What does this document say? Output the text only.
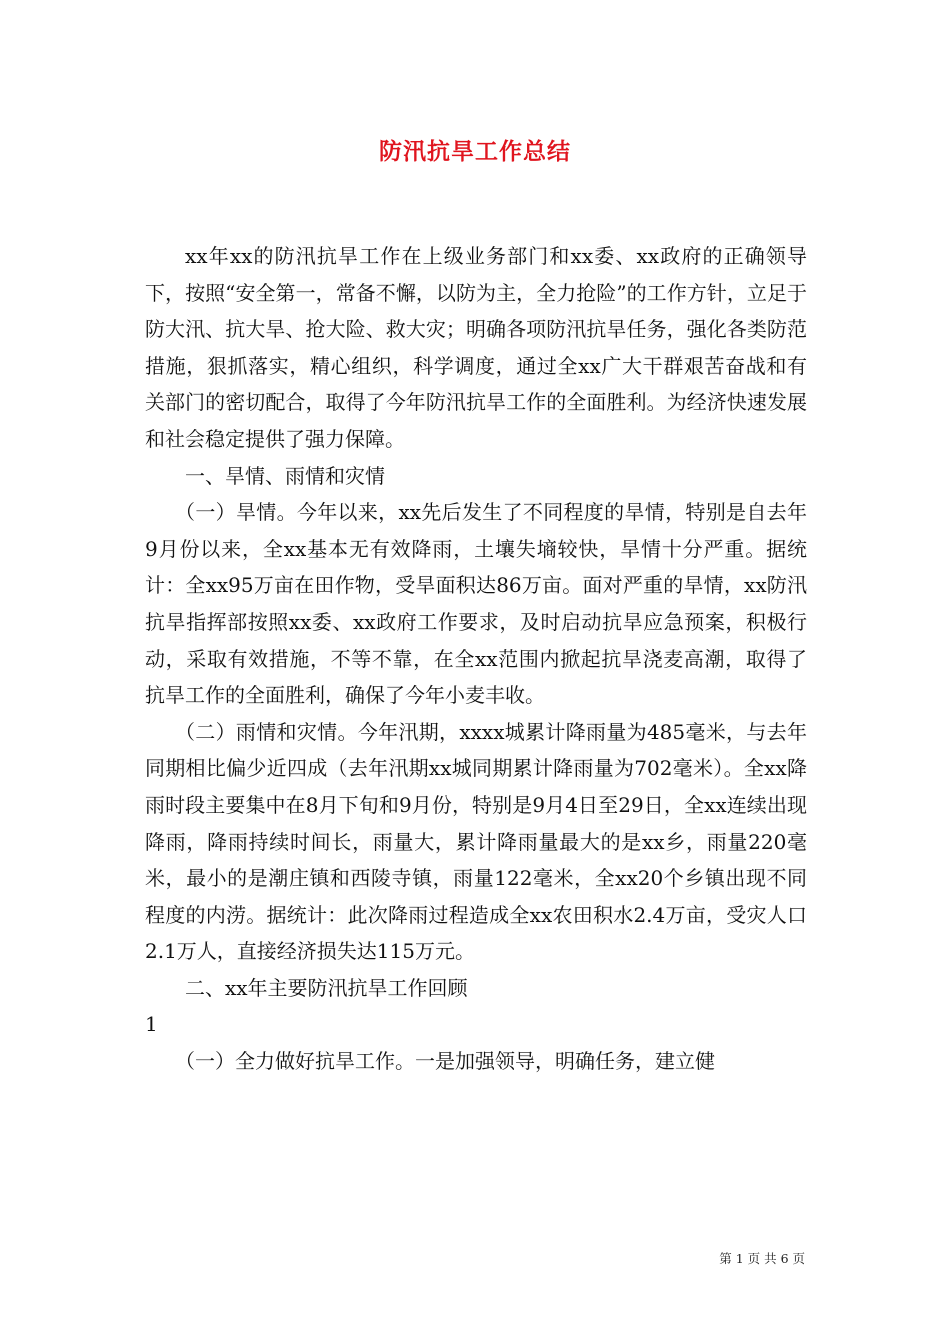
防汛抗旱工作总结

xx年xx的防汛抗旱工作在上级业务部门和xx委、xx政府的正确领导下，按照“安全第一，常备不懈，以防为主，全力抢险”的工作方针，立足于防大汛、抗大旱、抢大险、救大灾；明确各项防汛抗旱任务，强化各类防范措施，狠抓落实，精心组织，科学调度，通过全xx广大干群艰苦奋战和有关部门的密切配合，取得了今年防汛抗旱工作的全面胜利。为经济快速发展和社会稳定提供了强力保障。

一、旱情、雨情和灾情

（一）旱情。今年以来，xx先后发生了不同程度的旱情，特别是自去年9月份以来，全xx基本无有效降雨，土壤失墒较快，旱情十分严重。据统计：全xx95万亩在田作物，受旱面积达86万亩。面对严重的旱情，xx防汛抗旱指挥部按照xx委、xx政府工作要求，及时启动抗旱应急预案，积极行动，采取有效措施，不等不靠，在全xx范围内掀起抗旱浇麦高潮，取得了抗旱工作的全面胜利，确保了今年小麦丰收。

（二）雨情和灾情。今年汛期，xxxx城累计降雨量为485毫米，与去年同期相比偏少近四成（去年汛期xx城同期累计降雨量为702毫米）。全xx降雨时段主要集中在8月下旬和9月份，特别是9月4日至29日，全xx连续出现降雨，降雨持续时间长，雨量大，累计降雨量最大的是xx乡，雨量220毫米，最小的是潮庄镇和西陵寺镇，雨量122毫米，全xx20个乡镇出现不同程度的内涝。据统计：此次降雨过程造成全xx农田积水2.4万亩，受灾人口2.1万人，直接经济损失达115万元。

二、xx年主要防汛抗旱工作回顾

1

（一）全力做好抗旱工作。一是加强领导，明确任务，建立健

第 1 页 共 6 页
